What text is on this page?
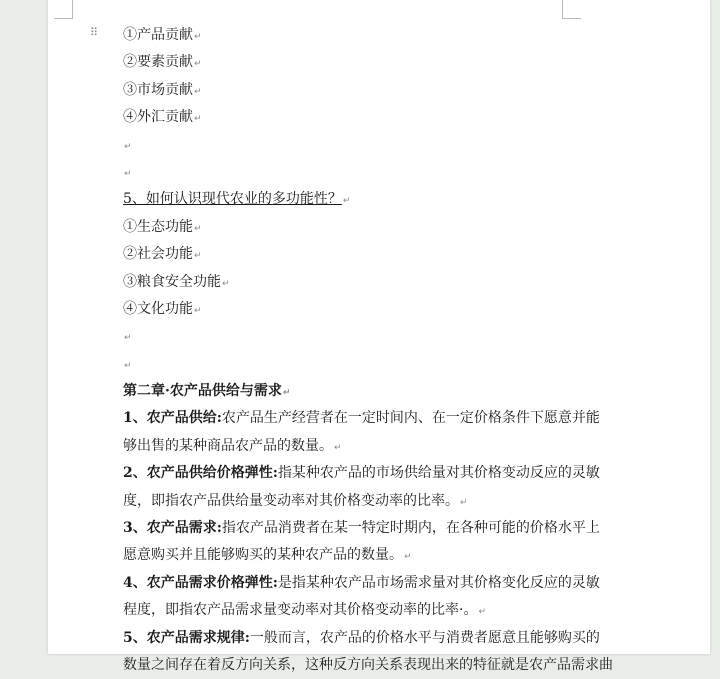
⠿ ①产品贡献↵
②要素贡献↵
③市场贡献↵
④外汇贡献↵
↵
↵
5、如何认识现代农业的多功能性？↵
①生态功能↵
②社会功能↵
③粮食安全功能↵
④文化功能↵
↵
↵
第二章·农产品供给与需求↵
1、农产品供给:农产品生产经营者在一定时间内、在一定价格条件下愿意并能
够出售的某种商品农产品的数量。↵
2、农产品供给价格弹性:指某种农产品的市场供给量对其价格变动反应的灵敏
度，即指农产品供给量变动率对其价格变动率的比率。↵
3、农产品需求:指农产品消费者在某一特定时期内，在各种可能的价格水平上
愿意购买并且能够购买的某种农产品的数量。↵
4、农产品需求价格弹性:是指某种农产品市场需求量对其价格变化反应的灵敏
程度，即指农产品需求量变动率对其价格变动率的比率·。↵
5、农产品需求规律:一般而言，农产品的价格水平与消费者愿意且能够购买的
数量之间存在着反方向关系，这种反方向关系表现出来的特征就是农产品需求曲
